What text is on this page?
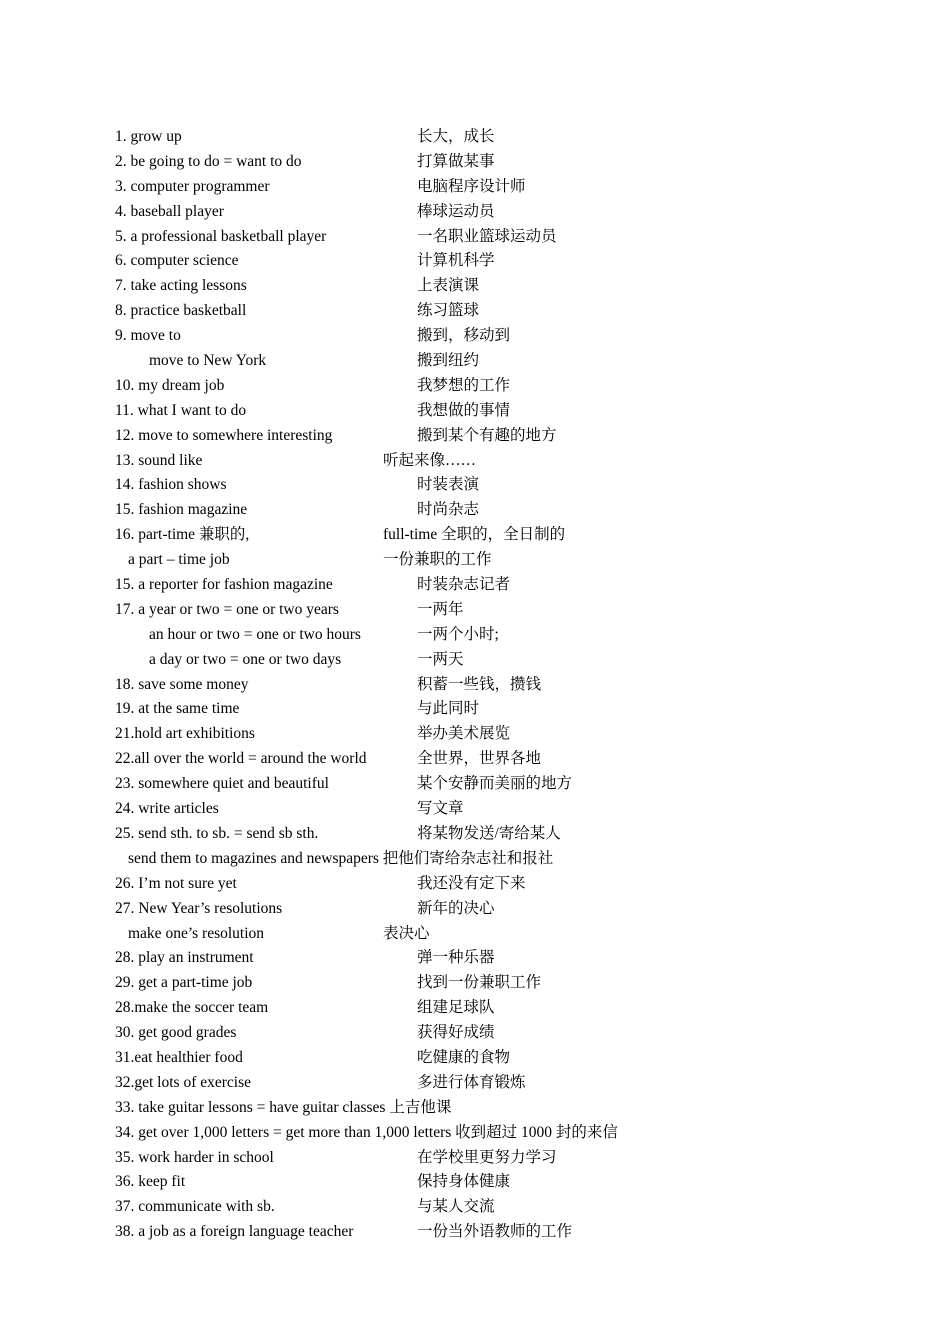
1. grow up	长大，成长
2. be going to do = want to do	打算做某事
3. computer programmer	电脑程序设计师
4. baseball player	棒球运动员
5. a professional basketball player	一名职业篮球运动员
6. computer science	计算机科学
7. take acting lessons	上表演课
8. practice basketball	练习篮球
9. move to	搬到，移动到
move to New York	搬到纽约
10. my dream job	我梦想的工作
11. what I want to do	我想做的事情
12. move to somewhere interesting	搬到某个有趣的地方
13. sound like	听起来像……
14. fashion shows	时装表演
15. fashion magazine	时尚杂志
16. part-time 兼职的,	full-time 全职的，全日制的
a part – time job	一份兼职的工作
15. a reporter for fashion magazine	时装杂志记者
17. a year or two = one or two years	一两年
an hour or two = one or two hours	一两个小时;
a day or two = one or two days	一两天
18. save some money	积蓄一些钱，攒钱
19. at the same time	与此同时
21.hold art exhibitions	举办美术展览
22.all over the world = around the world	全世界，世界各地
23. somewhere quiet and beautiful	某个安静而美丽的地方
24. write articles	写文章
25. send sth. to sb. = send sb sth.	将某物发送/寄给某人
send them to magazines and newspapers 把他们寄给杂志社和报社
26. I’m not sure yet	我还没有定下来
27. New Year’s resolutions	新年的决心
make one’s resolution	表决心
28. play an instrument	弹一种乐器
29. get a part-time job	找到一份兼职工作
28.make the soccer team	组建足球队
30. get good grades	获得好成绩
31.eat healthier food	吃健康的食物
32.get lots of exercise	多进行体育锻炼
33. take guitar lessons = have guitar classes 上吉他课
34. get over 1,000 letters = get more than 1,000 letters 收到超过 1000 封的来信
35. work harder in school	在学校里更努力学习
36. keep fit	保持身体健康
37. communicate with sb.	与某人交流
38. a job as a foreign language teacher	一份当外语教师的工作
